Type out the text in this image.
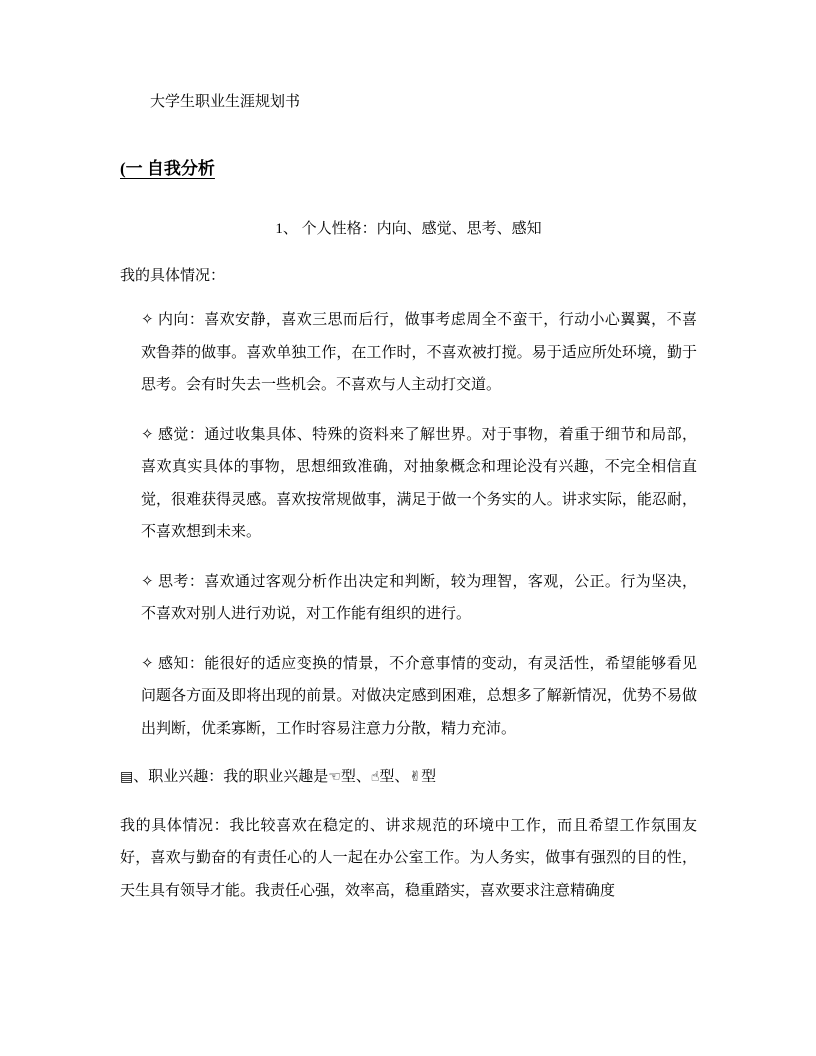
大学生职业生涯规划书

(一 自我分析

1、 个人性格：内向、感觉、思考、感知

我的具体情况：

✧ 内向：喜欢安静，喜欢三思而后行，做事考虑周全不蛮干，行动小心翼翼，不喜欢鲁莽的做事。喜欢单独工作，在工作时，不喜欢被打搅。易于适应所处环境，勤于思考。会有时失去一些机会。不喜欢与人主动打交道。

✧ 感觉：通过收集具体、特殊的资料来了解世界。对于事物，着重于细节和局部，喜欢真实具体的事物，思想细致准确，对抽象概念和理论没有兴趣，不完全相信直觉，很难获得灵感。喜欢按常规做事，满足于做一个务实的人。讲求实际，能忍耐，不喜欢想到未来。

✧ 思考：喜欢通过客观分析作出决定和判断，较为理智，客观，公正。行为坚决，不喜欢对别人进行劝说，对工作能有组织的进行。

✧ 感知：能很好的适应变换的情景，不介意事情的变动，有灵活性，希望能够看见问题各方面及即将出现的前景。对做决定感到困难，总想多了解新情况，优势不易做出判断，优柔寡断，工作时容易注意力分散，精力充沛。

▤、职业兴趣：我的职业兴趣是☜型、☝型、✌型

我的具体情况：我比较喜欢在稳定的、讲求规范的环境中工作，而且希望工作氛围友好，喜欢与勤奋的有责任心的人一起在办公室工作。为人务实，做事有强烈的目的性，天生具有领导才能。我责任心强，效率高，稳重踏实，喜欢要求注意精确度
